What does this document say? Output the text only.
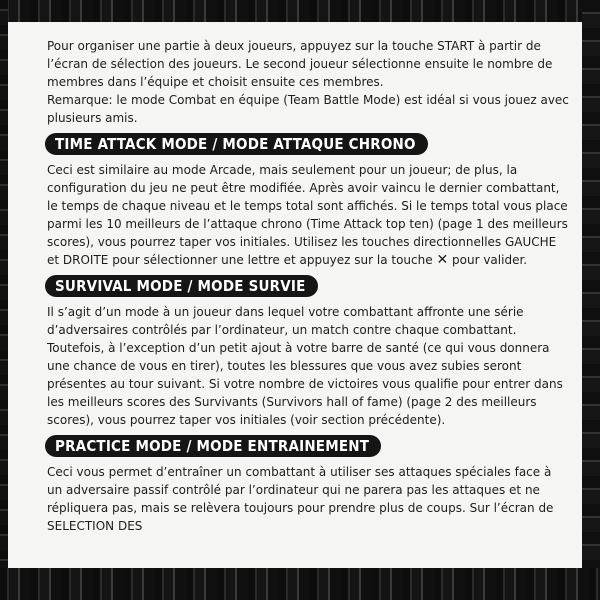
Pour organiser une partie à deux joueurs, appuyez sur la touche START à partir de l’écran de sélection des joueurs. Le second joueur sélectionne ensuite le nombre de membres dans l’équipe et choisit ensuite ces membres.

Remarque: le mode Combat en équipe (Team Battle Mode) est idéal si vous jouez avec plusieurs amis.

TIME ATTACK MODE / MODE ATTAQUE CHRONO

Ceci est similaire au mode Arcade, mais seulement pour un joueur; de plus, la configuration du jeu ne peut être modifiée. Après avoir vaincu le dernier combattant, le temps de chaque niveau et le temps total sont affichés. Si le temps total vous place parmi les 10 meilleurs de l’attaque chrono (Time Attack top ten) (page 1 des meilleurs scores), vous pourrez taper vos initiales. Utilisez les touches directionnelles GAUCHE et DROITE pour sélectionner une lettre et appuyez sur la touche ✕ pour valider.

SURVIVAL MODE / MODE SURVIE

Il s’agit d’un mode à un joueur dans lequel votre combattant affronte une série d’adversaires contrôlés par l’ordinateur, un match contre chaque combattant. Toutefois, à l’exception d’un petit ajout à votre barre de santé (ce qui vous donnera une chance de vous en tirer), toutes les blessures que vous avez subies seront présentes au tour suivant. Si votre nombre de victoires vous qualifie pour entrer dans les meilleurs scores des Survivants (Survivors hall of fame) (page 2 des meilleurs scores), vous pourrez taper vos initiales (voir section précédente).

PRACTICE MODE / MODE ENTRAINEMENT

Ceci vous permet d’entraîner un combattant à utiliser ses attaques spéciales face à un adversaire passif contrôlé par l’ordinateur qui ne parera pas les attaques et ne répliquera pas, mais se relèvera toujours pour prendre plus de coups. Sur l’écran de SELECTION DES
